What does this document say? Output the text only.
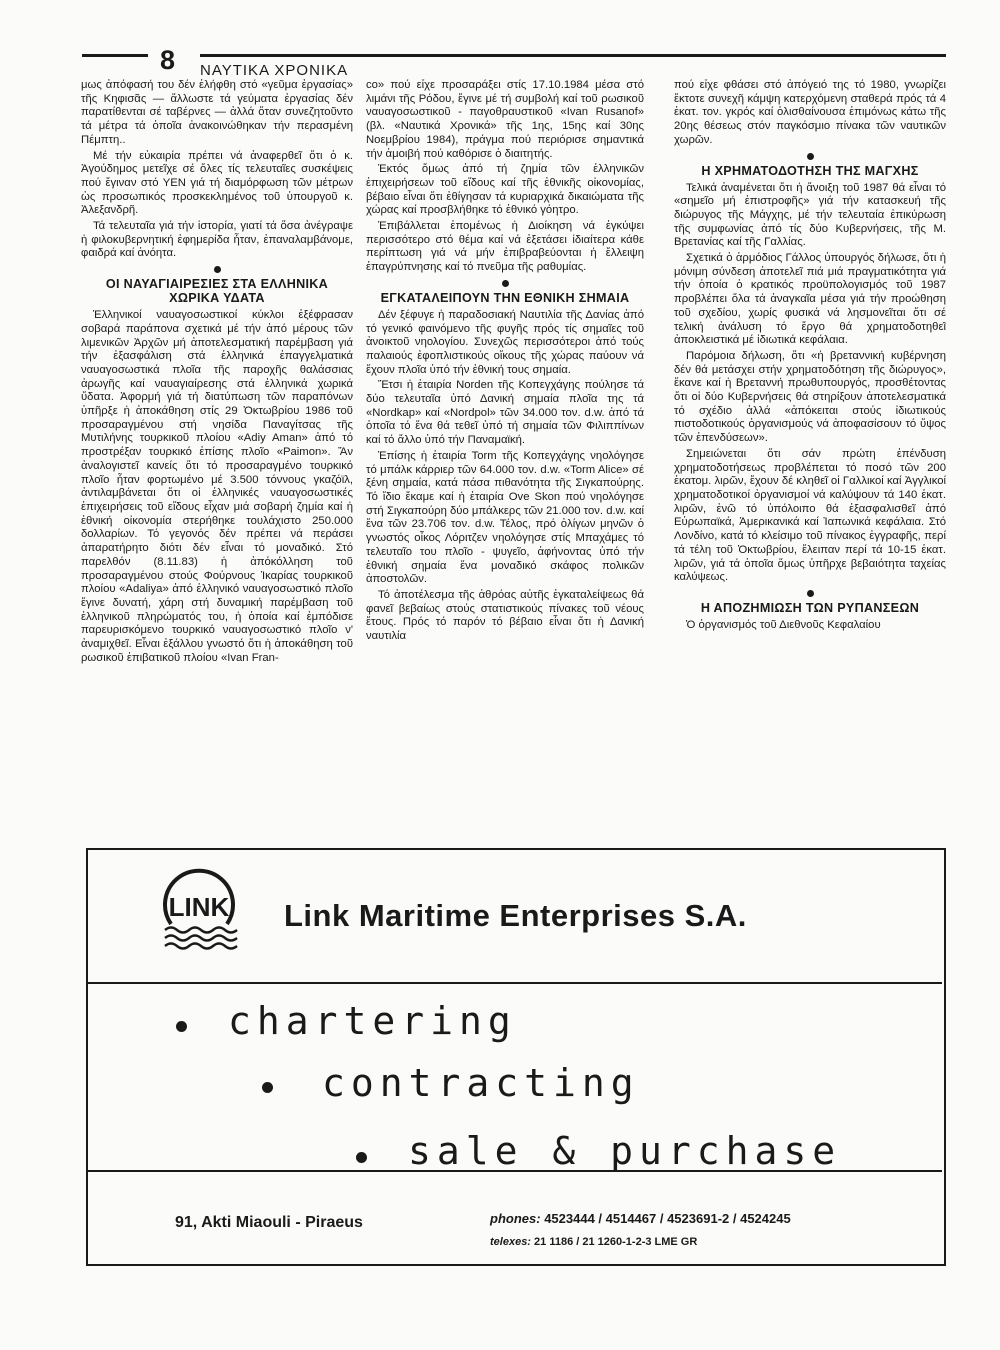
8 ΝΑΥΤΙΚΑ ΧΡΟΝΙΚΑ

μως ἀπόφασή του δέν ἐλήφθη στό «γεῦμα ἐργασίας» τῆς Κηφισᾶς — ἄλλωστε τά γεύματα ἐργασίας δέν παρατίθενται σέ ταβέρνες — ἀλλά ὅταν συνεζητοῦντο τά μέτρα τά ὁποῖα ἀνακοινώθηκαν τήν περασμένη Πέμπτη..

Μέ τήν εὐκαιρία πρέπει νά ἀναφερθεῖ ὅτι ὁ κ. Ἀγούδημος μετεῖχε σέ ὅλες τίς τελευταῖες συσκέψεις πού ἔγιναν στό ΥΕΝ γιά τή διαμόρφωση τῶν μέτρων ὡς προσωπικός προσκεκλημένος τοῦ ὑπουργοῦ κ. Ἀλεξανδρῆ.

Τά τελευταῖα γιά τήν ἱστορία, γιατί τά ὅσα ἀνέγραψε ἡ φιλοκυβερνητική ἐφημερίδα ἦταν, ἐπαναλαμβάνομε, φαιδρά καί ἀνόητα.

ΟΙ ΝΑΥΑΓΙΑΙΡΕΣΙΕΣ ΣΤΑ ΕΛΛΗΝΙΚΑ ΧΩΡΙΚΑ ΥΔΑΤΑ

Ἑλληνικοί ναυαγοσωστικοί κύκλοι ἐξέφρασαν σοβαρά παράπονα σχετικά μέ τήν ἀπό μέρους τῶν λιμενικῶν Ἀρχῶν μή ἀποτελεσματική παρέμβαση γιά τήν ἐξασφάλιση στά ἑλληνικά ἐπαγγελματικά ναυαγοσωστικά πλοῖα τῆς παροχῆς θαλάσσιας ἀρωγῆς καί ναυαγιαίρεσης στά ἑλληνικά χωρικά ὕδατα. Ἀφορμή γιά τή διατύπωση τῶν παραπόνων ὑπῆρξε ἡ ἀποκάθηση στίς 29 Ὀκτωβρίου 1986 τοῦ προσαραγμένου στή νησίδα Παναγίτσας τῆς Μυτιλήνης τουρκικοῦ πλοίου «Adiy Aman» ἀπό τό προστρέξαν τουρκικό ἐπίσης πλοῖο «Paimon». Ἄν ἀναλογιστεῖ κανείς ὅτι τό προσαραγμένο τουρκικό πλοῖο ἦταν φορτωμένο μέ 3.500 τόννους γκαζόϊλ, ἀντιλαμβάνεται ὅτι οἱ ἑλληνικές ναυαγοσωστικές ἐπιχειρήσεις τοῦ εἴδους εἶχαν μιά σοβαρή ζημία καί ἡ ἐθνική οἰκονομία στερήθηκε τουλάχιστο 250.000 δολλαρίων. Τό γεγονός δέν πρέπει νά περάσει ἀπαρατήρητο διότι δέν εἶναι τό μοναδικό. Στό παρελθόν (8.11.83) ἡ ἀπόκόλληση τοῦ προσαραγμένου στούς Φούρνους Ἰκαρίας τουρκικοῦ πλοίου «Adaliya» ἀπό ἑλληνικό ναυαγοσωστικό πλοῖο ἔγινε δυνατή, χάρη στή δυναμική παρέμβαση τοῦ ἑλληνικοῦ πληρώματός του, ἡ ὁποία καί ἐμπόδισε παρευρισκόμενο τουρκικό ναυαγοσωστικό πλοῖο ν' ἀναμιχθεῖ. Εἶναι ἐξάλλου γνωστό ὅτι ἡ ἀποκάθηση τοῦ ρωσικοῦ ἐπιβατικοῦ πλοίου «Ivan Fran-

co» πού εἶχε προσαράξει στίς 17.10.1984 μέσα στό λιμάνι τῆς Ρόδου, ἔγινε μέ τή συμβολή καί τοῦ ρωσικοῦ ναυαγοσωστικοῦ - παγοθραυστικοῦ «Ivan Rusanof» (βλ. «Ναυτικά Χρονικά» τῆς 1ης, 15ης καί 30ης Νοεμβρίου 1984), πράγμα πού περιόρισε σημαντικά τήν ἀμοιβή πού καθόρισε ὁ διαιτητής.

Ἐκτός ὅμως ἀπό τή ζημία τῶν ἑλληνικῶν ἐπιχειρήσεων τοῦ εἴδους καί τῆς ἐθνικῆς οἰκονομίας, βέβαιο εἶναι ὅτι ἐθίγησαν τά κυριαρχικά δικαιώματα τῆς χώρας καί προσβλήθηκε τό ἐθνικό γόητρο.

Ἐπιβάλλεται ἑπομένως ἡ Διοίκηση νά ἐγκύψει περισσότερο στό θέμα καί νά ἐξετάσει ἰδιαίτερα κάθε περίπτωση γιά νά μήν ἐπιβραβεύονται ἡ ἔλλειψη ἐπαγρύπνησης καί τό πνεῦμα τῆς ραθυμίας.

ΕΓΚΑΤΑΛΕΙΠΟΥΝ ΤΗΝ ΕΘΝΙΚΗ ΣΗΜΑΙΑ

Δέν ξέφυγε ἡ παραδοσιακή Ναυτιλία τῆς Δανίας ἀπό τό γενικό φαινόμενο τῆς φυγῆς πρός τίς σημαῖες τοῦ ἀνοικτοῦ νηολογίου. Συνεχῶς περισσότεροι ἀπό τούς παλαιούς ἐφοπλιστικούς οἴκους τῆς χώρας παύουν νά ἔχουν πλοῖα ὑπό τήν ἐθνική τους σημαία.

Ἔτσι ἡ ἑταιρία Norden τῆς Κοπεγχάγης πούλησε τά δύο τελευταῖα ὑπό Δανική σημαία πλοῖα της τά «Nordkap» καί «Nordpol» τῶν 34.000 τον. d.w. ἀπό τά ὁποῖα τό ἕνα θά τεθεῖ ὑπό τή σημαία τῶν Φιλιππίνων καί τό ἄλλο ὑπό τήν Παναμαϊκή.

Ἐπίσης ἡ ἑταιρία Torm τῆς Κοπεγχάγης νηολόγησε τό μπάλκ κάρριερ τῶν 64.000 τον. d.w. «Torm Alice» σέ ξένη σημαία, κατά πάσα πιθανότητα τῆς Σιγκαπούρης. Τό ἴδιο ἔκαμε καί ἡ ἑταιρία Ove Skon πού νηολόγησε στή Σιγκαπούρη δύο μπάλκερς τῶν 21.000 τον. d.w. καί ἕνα τῶν 23.706 τον. d.w. Τέλος, πρό ὀλίγων μηνῶν ὁ γνωστός οἶκος Λόριτζεν νηολόγησε στίς Μπαχάμες τό τελευταῖο του πλοῖο - ψυγεῖο, ἀφήνοντας ὑπό τήν ἐθνική σημαία ἕνα μοναδικό σκάφος πολικῶν ἀποστολῶν.

Τό ἀποτέλεσμα τῆς ἀθρόας αὐτῆς ἐγκαταλείψεως θά φανεῖ βεβαίως στούς στατιστικούς πίνακες τοῦ νέους ἔτους. Πρός τό παρόν τό βέβαιο εἶναι ὅτι ἡ Δανική ναυτιλία

πού εἶχε φθάσει στό ἀπόγειό της τό 1980, γνωρίζει ἔκτοτε συνεχῆ κάμψη κατερχόμενη σταθερά πρός τά 4 ἑκατ. τον. γκρός καί ὁλισθαίνουσα ἐπιμόνως κάτω τῆς 20ης θέσεως στόν παγκόσμιο πίνακα τῶν ναυτικῶν χωρῶν.

Η ΧΡΗΜΑΤΟΔΟΤΗΣΗ ΤΗΣ ΜΑΓΧΗΣ

Τελικά ἀναμένεται ὅτι ἡ ἄνοιξη τοῦ 1987 θά εἶναι τό «σημεῖο μή ἐπιστροφῆς» γιά τήν κατασκευή τῆς διώρυγος τῆς Μάγχης, μέ τήν τελευταία ἐπικύρωση τῆς συμφωνίας ἀπό τίς δύο Κυβερνήσεις, τῆς Μ. Βρετανίας καί τῆς Γαλλίας.

Σχετικά ὁ ἁρμόδιος Γάλλος ὑπουργός δήλωσε, ὅτι ἡ μόνιμη σύνδεση ἀποτελεῖ πιά μιά πραγματικότητα γιά τήν ὁποία ὁ κρατικός προϋπολογισμός τοῦ 1987 προβλέπει ὅλα τά ἀναγκαῖα μέσα γιά τήν προώθηση τοῦ σχεδίου, χωρίς φυσικά νά λησμονεῖται ὅτι σέ τελική ἀνάλυση τό ἔργο θά χρηματοδοτηθεῖ ἀποκλειστικά μέ ἰδιωτικά κεφάλαια.

Παρόμοια δήλωση, ὅτι «ἡ βρεταννική κυβέρνηση δέν θά μετάσχει στήν χρηματοδότηση τῆς διώρυγος», ἔκανε καί ἡ Βρεταννή πρωθυπουργός, προσθέτοντας ὅτι οἱ δύο Κυβερνήσεις θά στηρίξουν ἀποτελεσματικά τό σχέδιο ἀλλά «ἀπόκειται στούς ἰδιωτικούς πιστοδοτικούς ὀργανισμούς νά ἀποφασίσουν τό ὕψος τῶν ἐπενδύσεων».

Σημειώνεται ὅτι σάν πρώτη ἐπένδυση χρηματοδοτήσεως προβλέπεται τό ποσό τῶν 200 ἑκατομ. λιρῶν, ἔχουν δέ κληθεῖ οἱ Γαλλικοί καί Ἀγγλικοί χρηματοδοτικοί ὀργανισμοί νά καλύψουν τά 140 ἑκατ. λιρῶν, ἐνῶ τό ὑπόλοιπο θά ἐξασφαλισθεῖ ἀπό Εὐρωπαϊκά, Ἀμερικανικά καί Ἰαπωνικά κεφάλαια. Στό Λονδίνο, κατά τό κλείσιμο τοῦ πίνακος ἐγγραφῆς, περί τά τέλη τοῦ Ὀκτωβρίου, ἔλειπαν περί τά 10-15 ἑκατ. λιρῶν, γιά τά ὁποῖα ὅμως ὑπῆρχε βεβαιότητα ταχείας καλύψεως.

Η ΑΠΟΖΗΜΙΩΣΗ ΤΩΝ ΡΥΠΑΝΣΕΩΝ

Ὁ ὀργανισμός τοῦ Διεθνοῦς Κεφαλαίου

LINK Link Maritime Enterprises S.A.
chartering
contracting
sale & purchase
91, Akti Miaouli - Piraeus	phones: 4523444 / 4514467 / 4523691-2 / 4524245
telexes: 21 1186 / 21 1260-1-2-3 LME GR
